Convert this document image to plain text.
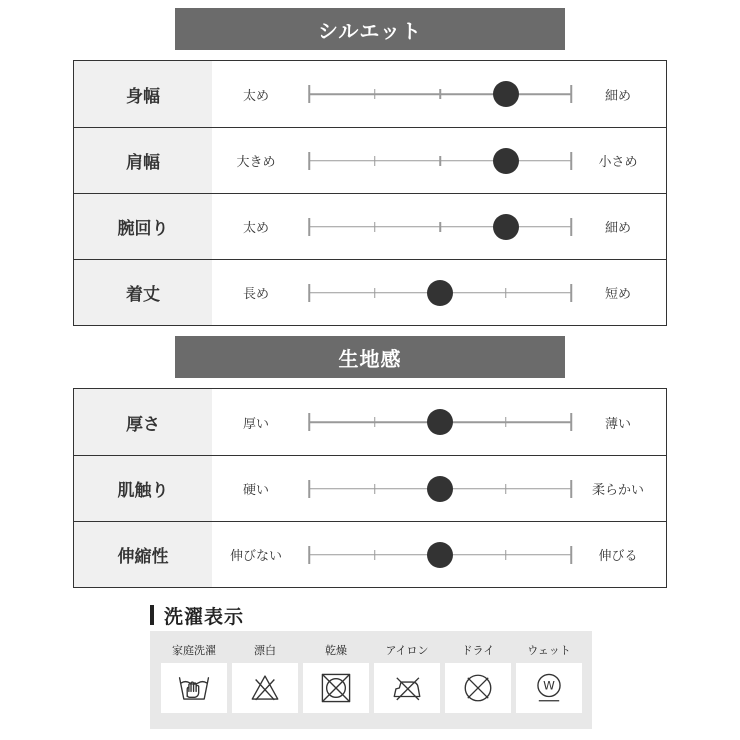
シルエット
身幅	太め	細め
肩幅	大きめ	小さめ
腕回り	太め	細め
着丈	長め	短め
生地感
厚さ	厚い	薄い
肌触り	硬い	柔らかい
伸縮性	伸びない	伸びる
洗濯表示
家庭洗濯	漂白	乾燥	アイロン	ドライ	ウェット
W
